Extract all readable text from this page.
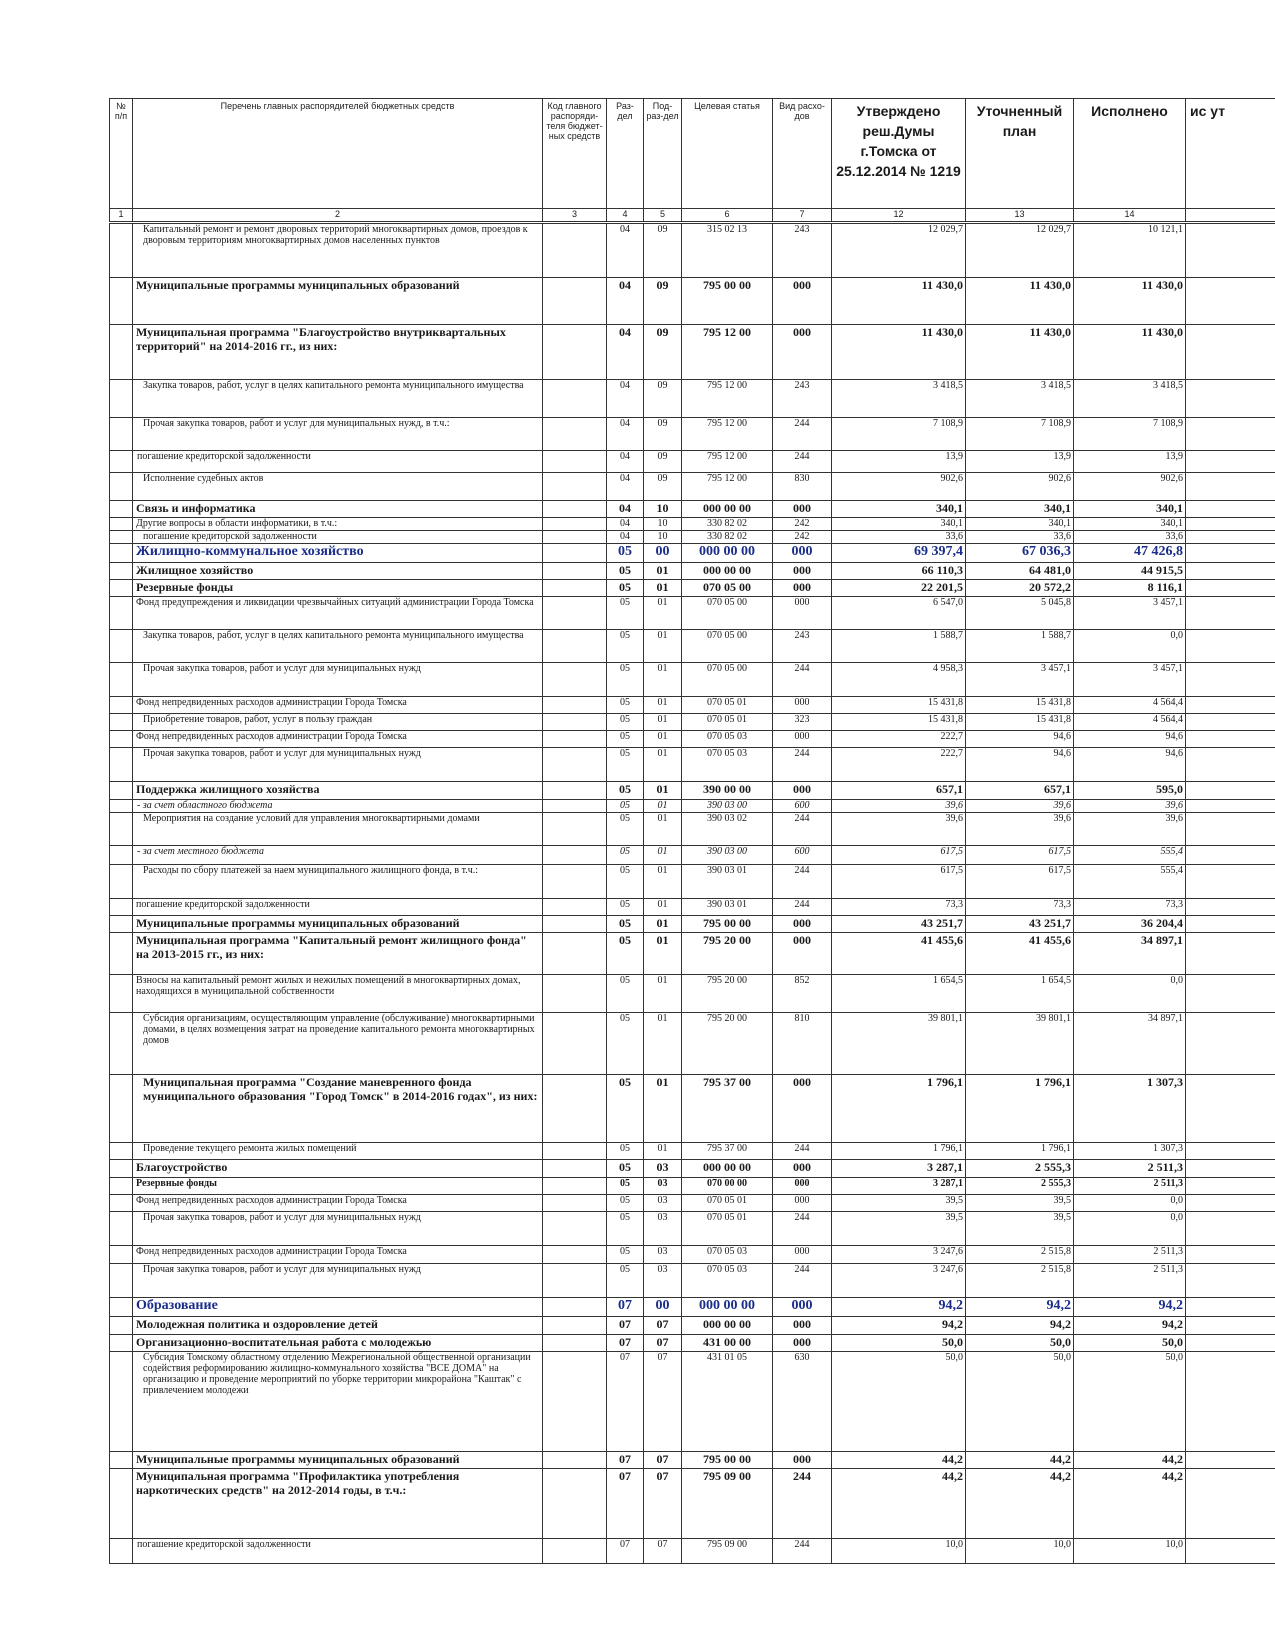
№ п/п	Перечень главных распорядителей бюджетных средств	Код главного распоряди-теля бюджет-ных средств	Раз-дел	Под-раз-дел	Целевая статья	Вид расхо-дов	Утверждено реш.Думы г.Томска от 25.12.2014 № 1219	Уточненный план	Исполнено	ис ут
1	2	3	4	5	6	7	12	13	14	
	Капитальный ремонт и ремонт дворовых территорий многоквартирных домов, проездов к дворовым территориям многоквартирных домов населенных пунктов		04	09	315 02 13	243	12 029,7	12 029,7	10 121,1	
	Муниципальные программы муниципальных образований		04	09	795 00 00	000	11 430,0	11 430,0	11 430,0	
	Муниципальная программа "Благоустройство внутриквартальных территорий" на 2014-2016 гг., из них:		04	09	795 12 00	000	11 430,0	11 430,0	11 430,0	
	Закупка товаров, работ, услуг в целях капитального ремонта муниципального имущества		04	09	795 12 00	243	3 418,5	3 418,5	3 418,5	
	Прочая закупка товаров, работ и услуг для муниципальных нужд, в т.ч.:		04	09	795 12 00	244	7 108,9	7 108,9	7 108,9	
	погашение кредиторской задолженности		04	09	795 12 00	244	13,9	13,9	13,9	
	Исполнение судебных актов		04	09	795 12 00	830	902,6	902,6	902,6	
	Связь и информатика		04	10	000 00 00	000	340,1	340,1	340,1	
	Другие вопросы в области информатики, в т.ч.:		04	10	330 82 02	242	340,1	340,1	340,1	
	погашение кредиторской задолженности		04	10	330 82 02	242	33,6	33,6	33,6	
	Жилищно-коммунальное хозяйство		05	00	000 00 00	000	69 397,4	67 036,3	47 426,8	
	Жилищное хозяйство		05	01	000 00 00	000	66 110,3	64 481,0	44 915,5	
	Резервные фонды		05	01	070 05 00	000	22 201,5	20 572,2	8 116,1	
	Фонд предупреждения и ликвидации чрезвычайных ситуаций администрации Города Томска		05	01	070 05 00	000	6 547,0	5 045,8	3 457,1	
	Закупка товаров, работ, услуг в целях капитального ремонта муниципального имущества		05	01	070 05 00	243	1 588,7	1 588,7	0,0	
	Прочая закупка товаров, работ и услуг для муниципальных нужд		05	01	070 05 00	244	4 958,3	3 457,1	3 457,1	
	Фонд непредвиденных расходов администрации Города Томска		05	01	070 05 01	000	15 431,8	15 431,8	4 564,4	
	Приобретение товаров, работ, услуг в пользу граждан		05	01	070 05 01	323	15 431,8	15 431,8	4 564,4	
	Фонд непредвиденных расходов администрации Города Томска		05	01	070 05 03	000	222,7	94,6	94,6	
	Прочая закупка товаров, работ и услуг для муниципальных нужд		05	01	070 05 03	244	222,7	94,6	94,6	
	Поддержка жилищного хозяйства		05	01	390 00 00	000	657,1	657,1	595,0	
	- за счет областного бюджета		05	01	390 03 00	600	39,6	39,6	39,6	
	Мероприятия на создание условий для управления многоквартирными домами		05	01	390 03 02	244	39,6	39,6	39,6	
	- за счет местного бюджета		05	01	390 03 00	600	617,5	617,5	555,4	
	Расходы по сбору платежей за наем муниципального жилищного фонда, в т.ч.:		05	01	390 03 01	244	617,5	617,5	555,4	
	погашение кредиторской задолженности		05	01	390 03 01	244	73,3	73,3	73,3	
	Муниципальные программы муниципальных образований		05	01	795 00 00	000	43 251,7	43 251,7	36 204,4	
	Муниципальная программа "Капитальный ремонт жилищного фонда" на 2013-2015 гг., из них:		05	01	795 20 00	000	41 455,6	41 455,6	34 897,1	
	Взносы на капитальный ремонт жилых и нежилых помещений в многоквартирных домах, находящихся в муниципальной собственности		05	01	795 20 00	852	1 654,5	1 654,5	0,0	
	Субсидия организациям, осуществляющим управление (обслуживание) многоквартирными домами, в целях возмещения затрат на проведение капитального ремонта многоквартирных домов		05	01	795 20 00	810	39 801,1	39 801,1	34 897,1	
	Муниципальная программа "Создание маневренного фонда муниципального образования "Город Томск" в 2014-2016 годах", из них:		05	01	795 37 00	000	1 796,1	1 796,1	1 307,3	
	Проведение текущего ремонта жилых помещений		05	01	795 37 00	244	1 796,1	1 796,1	1 307,3	
	Благоустройство		05	03	000 00 00	000	3 287,1	2 555,3	2 511,3	
	Резервные фонды		05	03	070 00 00	000	3 287,1	2 555,3	2 511,3	
	Фонд непредвиденных расходов администрации Города Томска		05	03	070 05 01	000	39,5	39,5	0,0	
	Прочая закупка товаров, работ и услуг для муниципальных нужд		05	03	070 05 01	244	39,5	39,5	0,0	
	Фонд непредвиденных расходов администрации Города Томска		05	03	070 05 03	000	3 247,6	2 515,8	2 511,3	
	Прочая закупка товаров, работ и услуг для муниципальных нужд		05	03	070 05 03	244	3 247,6	2 515,8	2 511,3	
	Образование		07	00	000 00 00	000	94,2	94,2	94,2	
	Молодежная политика и оздоровление детей		07	07	000 00 00	000	94,2	94,2	94,2	
	Организационно-воспитательная работа с молодежью		07	07	431 00 00	000	50,0	50,0	50,0	
	Субсидия Томскому областному отделению Межрегиональной общественной организации содействия реформированию жилищно-коммунального хозяйства "ВСЕ ДОМА" на организацию и проведение мероприятий по уборке территории микрорайона "Каштак" с привлечением молодежи		07	07	431 01 05	630	50,0	50,0	50,0	
	Муниципальные программы муниципальных образований		07	07	795 00 00	000	44,2	44,2	44,2	
	Муниципальная программа "Профилактика употребления наркотических средств" на 2012-2014 годы, в т.ч.:		07	07	795 09 00	244	44,2	44,2	44,2	
	погашение кредиторской задолженности		07	07	795 09 00	244	10,0	10,0	10,0	
